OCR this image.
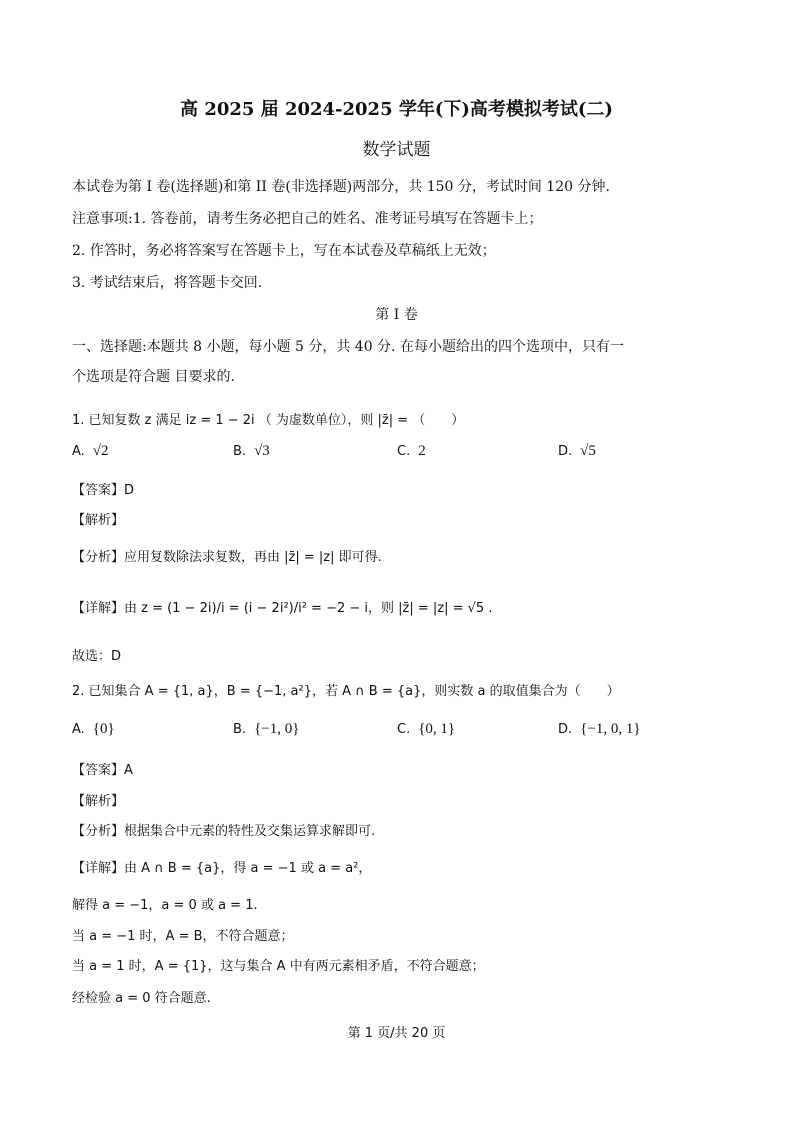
高 2025 届 2024-2025 学年(下)高考模拟考试(二)
数学试题
本试卷为第 I 卷(选择题)和第 II 卷(非选择题)两部分，共 150 分，考试时间 120 分钟.
注意事项:1. 答卷前，请考生务必把自己的姓名、准考证号填写在答题卡上；
2. 作答时，务必将答案写在答题卡上，写在本试卷及草稿纸上无效；
3. 考试结束后，将答题卡交回.
第 I 卷
一、选择题:本题共 8 小题，每小题 5 分，共 40 分. 在每小题给出的四个选项中，只有一
个选项是符合题 目要求的.
1. 已知复数 z 满足 iz = 1 − 2i （ 为虚数单位），则 |z̄| = （　　）
A. √2	B. √3	C. 2	D. √5
【答案】D
【解析】
【分析】应用复数除法求复数，再由 |z̄| = |z| 即可得.
【详解】由 z = (1 − 2i)/i = (i − 2i²)/i² = −2 − i，则 |z̄| = |z| = √5 .
故选：D
2. 已知集合 A = {1, a}，B = {−1, a²}，若 A ∩ B = {a}，则实数 a 的取值集合为（　　）
A. {0}	B. {−1, 0}	C. {0, 1}	D. {−1, 0, 1}
【答案】A
【解析】
【分析】根据集合中元素的特性及交集运算求解即可.
【详解】由 A ∩ B = {a}，得 a = −1 或 a = a²，
解得 a = −1，a = 0 或 a = 1.
当 a = −1 时，A = B，不符合题意；
当 a = 1 时，A = {1}，这与集合 A 中有两元素相矛盾，不符合题意；
经检验 a = 0 符合题意.
第 1 页/共 20 页
